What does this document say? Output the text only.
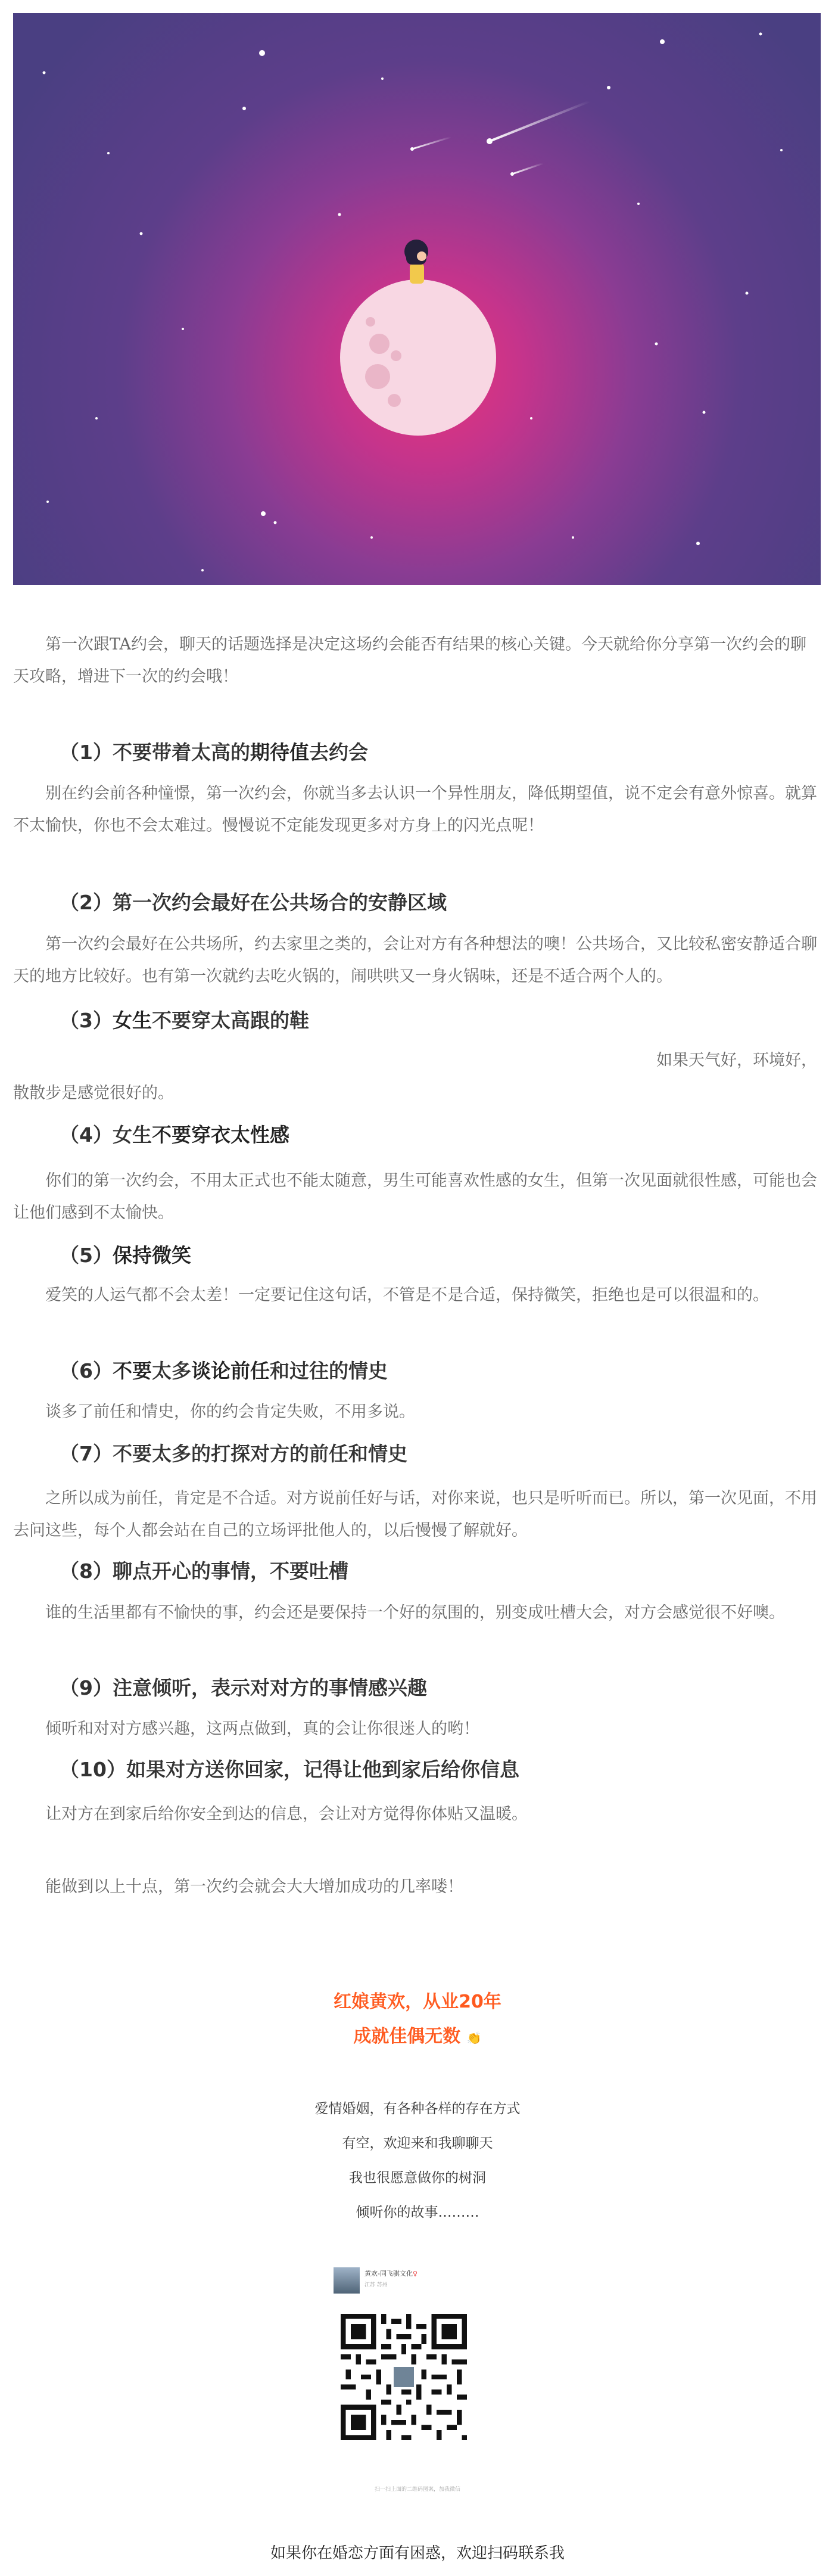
第一次跟TA约会，聊天的话题选择是决定这场约会能否有结果的核心关键。今天就给你分享第一次约会的聊天攻略，增进下一次的约会哦！

（1）不要带着太高的期待值去约会

别在约会前各种憧憬，第一次约会，你就当多去认识一个异性朋友，降低期望值，说不定会有意外惊喜。就算不太愉快，你也不会太难过。慢慢说不定能发现更多对方身上的闪光点呢！

（2）第一次约会最好在公共场合的安静区域

第一次约会最好在公共场所，约去家里之类的，会让对方有各种想法的噢！公共场合，又比较私密安静适合聊天的地方比较好。也有第一次就约去吃火锅的，闹哄哄又一身火锅味，还是不适合两个人的。

（3）女生不要穿太高跟的鞋

如果天气好，环境好，

散散步是感觉很好的。

（4）女生不要穿衣太性感

你们的第一次约会，不用太正式也不能太随意，男生可能喜欢性感的女生，但第一次见面就很性感，可能也会让他们感到不太愉快。

（5）保持微笑

爱笑的人运气都不会太差！一定要记住这句话，不管是不是合适，保持微笑，拒绝也是可以很温和的。

（6）不要太多谈论前任和过往的情史

谈多了前任和情史，你的约会肯定失败，不用多说。

（7）不要太多的打探对方的前任和情史

之所以成为前任，肯定是不合适。对方说前任好与话，对你来说，也只是听听而已。所以，第一次见面，不用去问这些，每个人都会站在自己的立场评批他人的，以后慢慢了解就好。

（8）聊点开心的事情，不要吐槽

谁的生活里都有不愉快的事，约会还是要保持一个好的氛围的，别变成吐槽大会，对方会感觉很不好噢。

（9）注意倾听，表示对对方的事情感兴趣

倾听和对对方感兴趣，这两点做到，真的会让你很迷人的哟！

（10）如果对方送你回家，记得让他到家后给你信息

让对方在到家后给你安全到达的信息，会让对方觉得你体贴又温暖。

能做到以上十点，第一次约会就会大大增加成功的几率喽！

红娘黄欢，从业20年
成就佳偶无数 👏
爱情婚姻，有各种各样的存在方式
有空，欢迎来和我聊聊天
我也很愿意做你的树洞
倾听你的故事………
黄欢-同飞骐文化♀
江苏 苏州
扫一扫上面的二维码图案，加我微信
如果你在婚恋方面有困惑，欢迎扫码联系我
